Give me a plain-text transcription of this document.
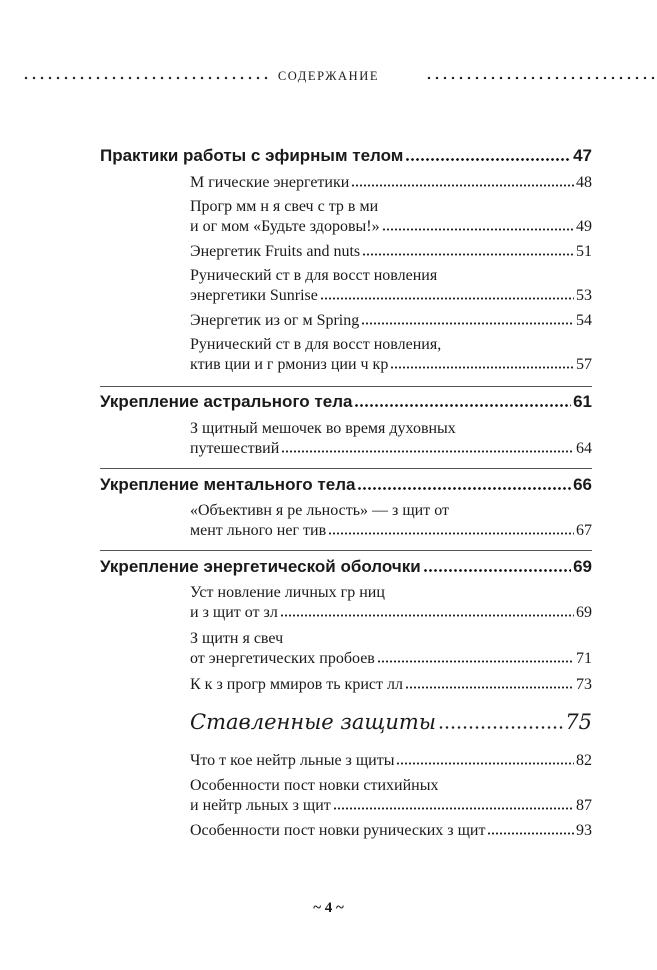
СОДЕРЖАНИЕ
Практики работы с эфирным телом	47
М гические энергетики	48
Прогр мм н я свеч с тр в ми
и ог мом «Будьте здоровы!»	49
Энергетик Fruits and nuts	51
Рунический ст в для восст новления
энергетики Sunrise	53
Энергетик из ог м Spring	54
Рунический ст в для восст новления,
ктив ции и г рмониз ции ч кр	57
Укрепление астрального тела	61
З щитный мешочек во время духовных
путешествий	64
Укрепление ментального тела	66
«Объективн я ре льность» — з щит от
мент льного нег тив	67
Укрепление энергетической оболочки	69
Уст новление личных гр ниц
и з щит от зл	69
З щитн я свеч
от энергетических пробоев	71
К к з прогр ммиров ть крист лл	73
Ставленные защиты	75
Что т кое нейтр льные з щиты	82
Особенности пост новки стихийных
и нейтр льных з щит	87
Особенности пост новки рунических з щит	93
~ 4 ~
